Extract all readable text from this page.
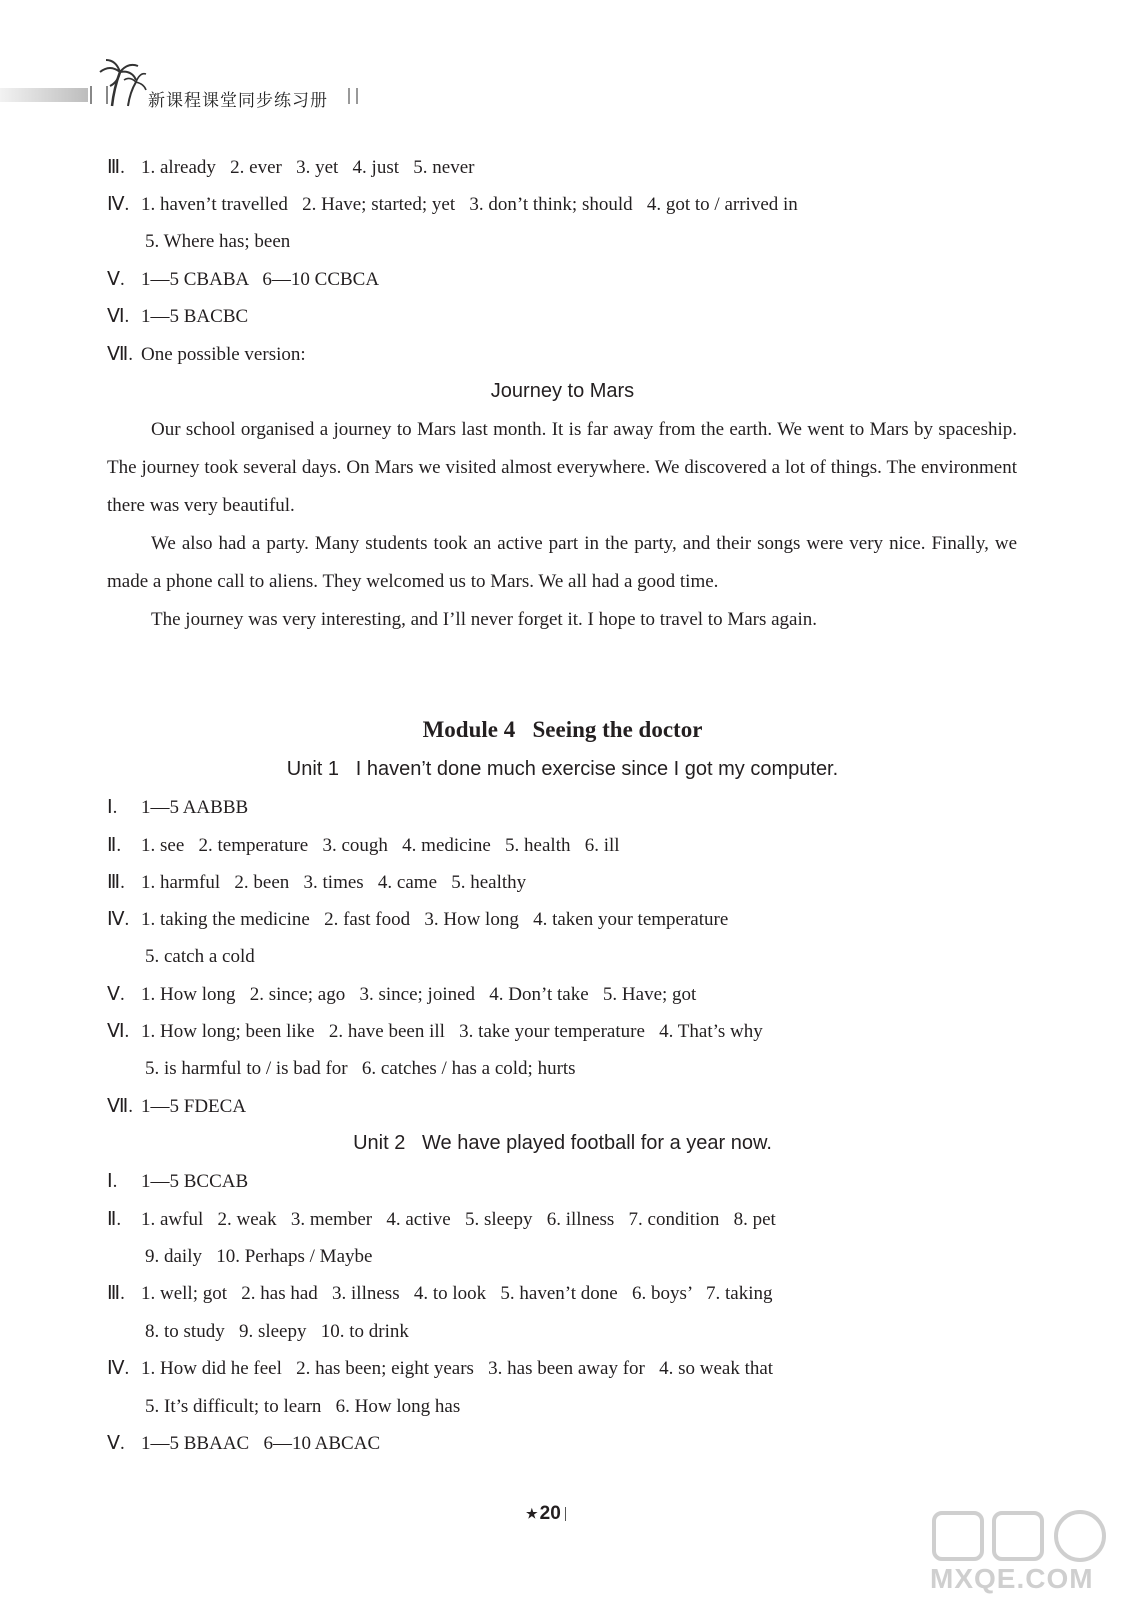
新课程课堂同步练习册
Ⅲ. 1. already   2. ever   3. yet   4. just   5. never
Ⅳ. 1. haven’t travelled   2. Have; started; yet   3. don’t think; should   4. got to / arrived in
5. Where has; been
Ⅴ. 1—5 CBABA   6—10 CCBCA
Ⅵ. 1—5 BACBC
Ⅶ. One possible version:
Journey to Mars

Our school organised a journey to Mars last month. It is far away from the earth. We went to Mars by spaceship. The journey took several days. On Mars we visited almost everywhere. We discovered a lot of things. The environment there was very beautiful.

We also had a party. Many students took an active part in the party, and their songs were very nice. Finally, we made a phone call to aliens. They welcomed us to Mars. We all had a good time.

The journey was very interesting, and I’ll never forget it. I hope to travel to Mars again.

Module 4   Seeing the doctor
Unit 1   I haven’t done much exercise since I got my computer.
Ⅰ. 1—5 AABBB
Ⅱ. 1. see   2. temperature   3. cough   4. medicine   5. health   6. ill
Ⅲ. 1. harmful   2. been   3. times   4. came   5. healthy
Ⅳ. 1. taking the medicine   2. fast food   3. How long   4. taken your temperature
5. catch a cold
Ⅴ. 1. How long   2. since; ago   3. since; joined   4. Don’t take   5. Have; got
Ⅵ. 1. How long; been like   2. have been ill   3. take your temperature   4. That’s why
5. is harmful to / is bad for   6. catches / has a cold; hurts
Ⅶ. 1—5 FDECA
Unit 2   We have played football for a year now.
Ⅰ. 1—5 BCCAB
Ⅱ. 1. awful   2. weak   3. member   4. active   5. sleepy   6. illness   7. condition   8. pet
9. daily   10. Perhaps / Maybe
Ⅲ. 1. well; got   2. has had   3. illness   4. to look   5. haven’t done   6. boys’   7. taking
8. to study   9. sleepy   10. to drink
Ⅳ. 1. How did he feel   2. has been; eight years   3. has been away for   4. so weak that
5. It’s difficult; to learn   6. How long has
Ⅴ. 1—5 BBAAC   6—10 ABCAC
★ 20
MXQE.COM
